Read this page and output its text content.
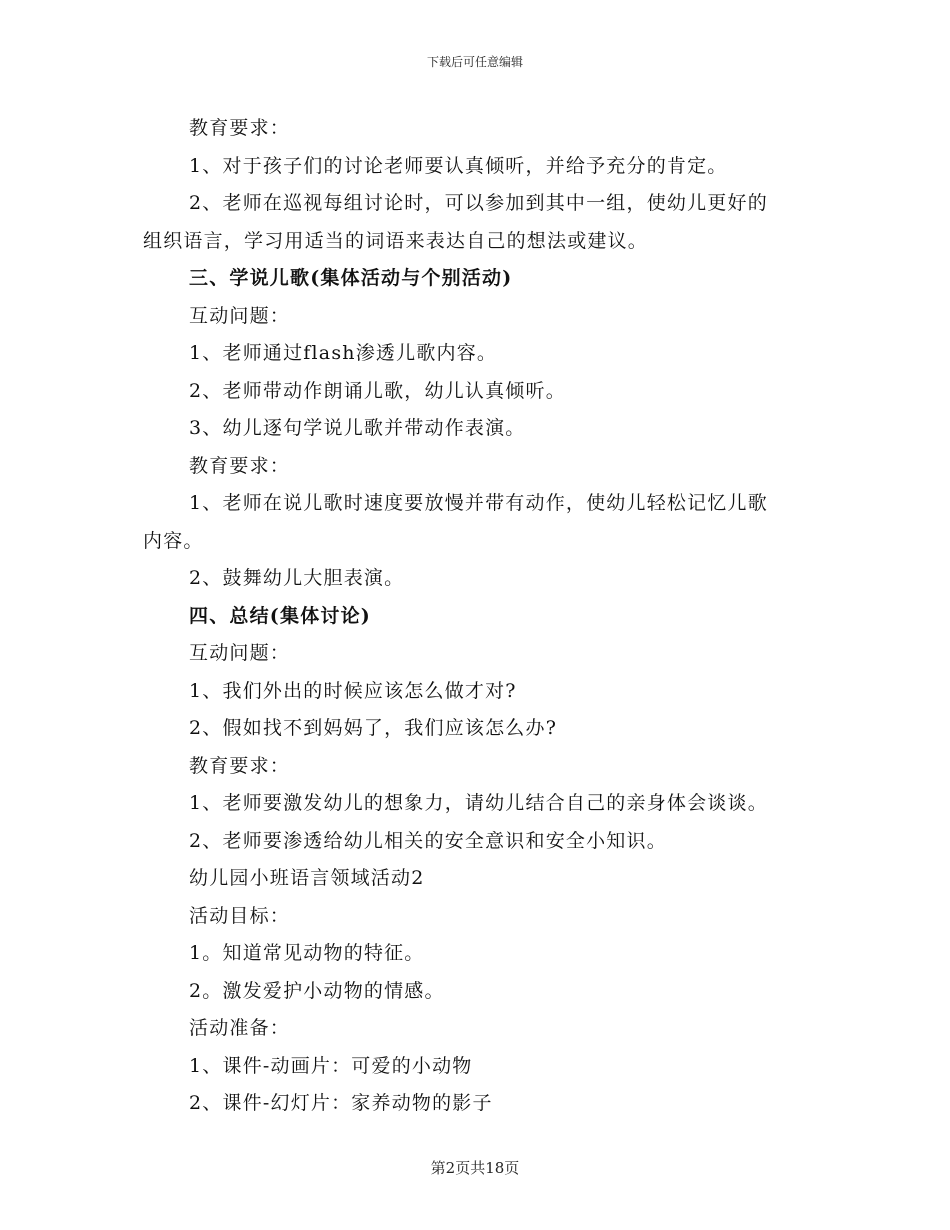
下载后可任意编辑
教育要求：
1、对于孩子们的讨论老师要认真倾听，并给予充分的肯定。
2、老师在巡视每组讨论时，可以参加到其中一组，使幼儿更好的
组织语言，学习用适当的词语来表达自己的想法或建议。
三、学说儿歌(集体活动与个别活动)
互动问题：
1、老师通过flash渗透儿歌内容。
2、老师带动作朗诵儿歌，幼儿认真倾听。
3、幼儿逐句学说儿歌并带动作表演。
教育要求：
1、老师在说儿歌时速度要放慢并带有动作，使幼儿轻松记忆儿歌
内容。
2、鼓舞幼儿大胆表演。
四、总结(集体讨论)
互动问题：
1、我们外出的时候应该怎么做才对?
2、假如找不到妈妈了，我们应该怎么办?
教育要求：
1、老师要激发幼儿的想象力，请幼儿结合自己的亲身体会谈谈。
2、老师要渗透给幼儿相关的安全意识和安全小知识。
幼儿园小班语言领域活动2
活动目标：
1。知道常见动物的特征。
2。激发爱护小动物的情感。
活动准备：
1、课件-动画片：可爱的小动物
2、课件-幻灯片：家养动物的影子
第2页共18页
